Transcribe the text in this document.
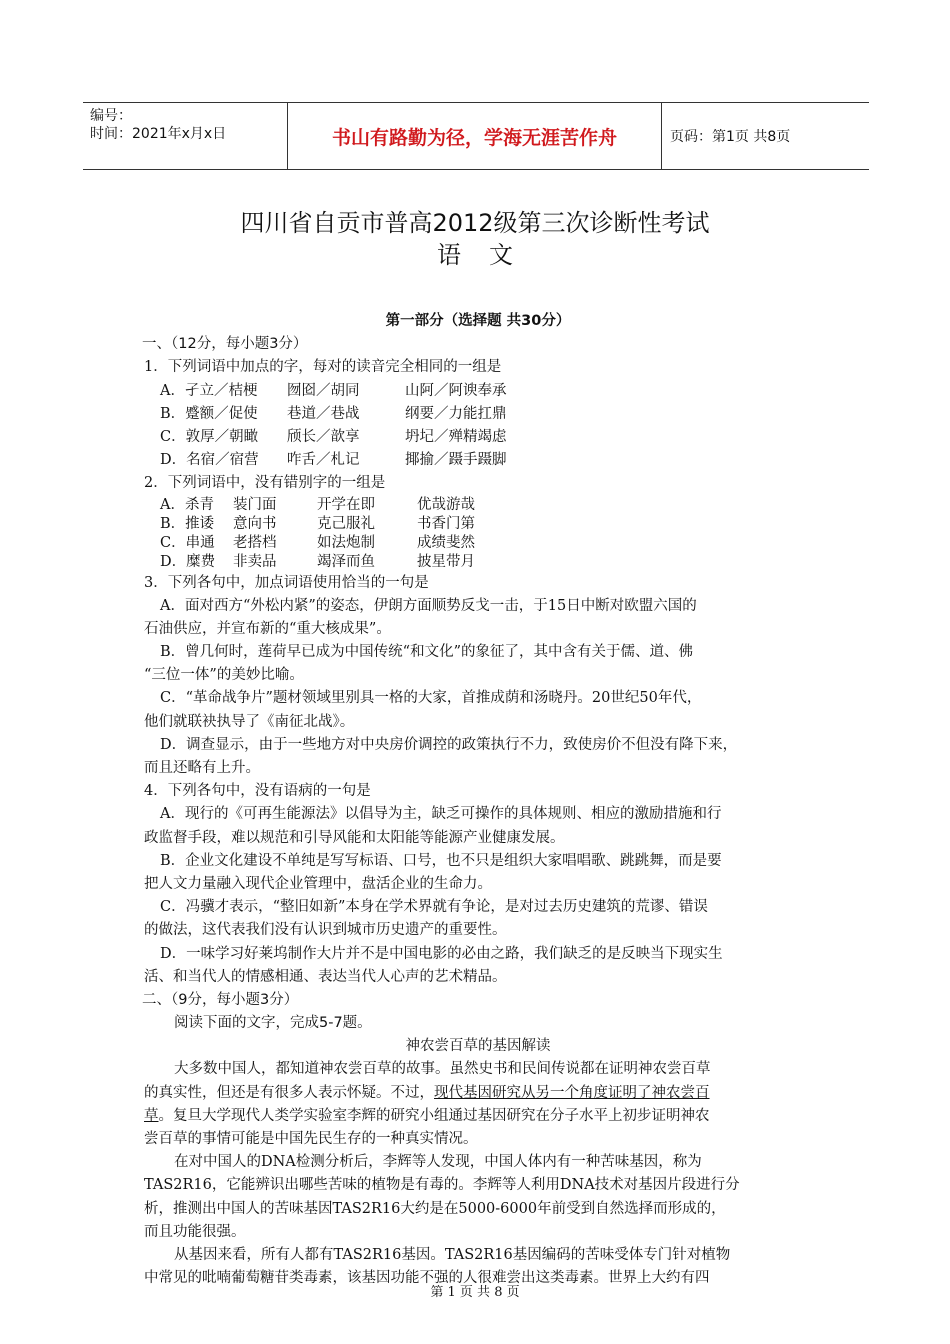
编号：
时间：2021年x月x日	书山有路勤为径，学海无涯苦作舟	页码：第1页 共8页
四川省自贡市普高2012级第三次诊断性考试
语文
第一部分（选择题 共30分）
一、（12分，每小题3分）
1．下列词语中加点的字，每对的读音完全相同的一组是
A．孑立／桔梗 囫囵／胡同	山阿／阿谀奉承
B．蹙额／促使 巷道／巷战	纲要／力能扛鼎
C．敦厚／朝瞰 颀长／歆享	坍圮／殚精竭虑
D．名宿／宿营 咋舌／札记	揶揄／蹑手蹑脚
2．下列词语中，没有错别字的一组是
A．杀青 装门面	开学在即	优哉游哉
B．推诿 意向书	克己服礼	书香门第
C．串通 老搭档	如法炮制	成绩斐然
D．糜费 非卖品	竭泽而鱼	披星带月
3．下列各句中，加点词语使用恰当的一句是
A．面对西方“外松内紧”的姿态，伊朗方面顺势反戈一击，于15日中断对欧盟六国的
石油供应，并宣布新的“重大核成果”。
B．曾几何时，莲荷早已成为中国传统“和文化”的象征了，其中含有关于儒、道、佛
“三位一体”的美妙比喻。
C．“革命战争片”题材领域里别具一格的大家，首推成荫和汤晓丹。20世纪50年代，
他们就联袂执导了《南征北战》。
D．调查显示，由于一些地方对中央房价调控的政策执行不力，致使房价不但没有降下来，
而且还略有上升。
4．下列各句中，没有语病的一句是
A．现行的《可再生能源法》以倡导为主，缺乏可操作的具体规则、相应的激励措施和行
政监督手段，难以规范和引导风能和太阳能等能源产业健康发展。
B．企业文化建设不单纯是写写标语、口号，也不只是组织大家唱唱歌、跳跳舞，而是要
把人文力量融入现代企业管理中，盘活企业的生命力。
C．冯骥才表示，“整旧如新”本身在学术界就有争论，是对过去历史建筑的荒谬、错误
的做法，这代表我们没有认识到城市历史遗产的重要性。
D．一味学习好莱坞制作大片并不是中国电影的必由之路，我们缺乏的是反映当下现实生
活、和当代人的情感相通、表达当代人心声的艺术精品。
二、（9分，每小题3分）
阅读下面的文字，完成5-7题。
神农尝百草的基因解读
大多数中国人，都知道神农尝百草的故事。虽然史书和民间传说都在证明神农尝百草
的真实性，但还是有很多人表示怀疑。不过，现代基因研究从另一个角度证明了神农尝百
草。复旦大学现代人类学实验室李辉的研究小组通过基因研究在分子水平上初步证明神农
尝百草的事情可能是中国先民生存的一种真实情况。
在对中国人的DNA检测分析后，李辉等人发现，中国人体内有一种苦味基因，称为
TAS2R16，它能辨识出哪些苦味的植物是有毒的。李辉等人利用DNA技术对基因片段进行分
析，推测出中国人的苦味基因TAS2R16大约是在5000-6000年前受到自然选择而形成的，
而且功能很强。
从基因来看，所有人都有TAS2R16基因。TAS2R16基因编码的苦味受体专门针对植物
中常见的吡喃葡萄糖苷类毒素，该基因功能不强的人很难尝出这类毒素。世界上大约有四
第 1 页 共 8 页
